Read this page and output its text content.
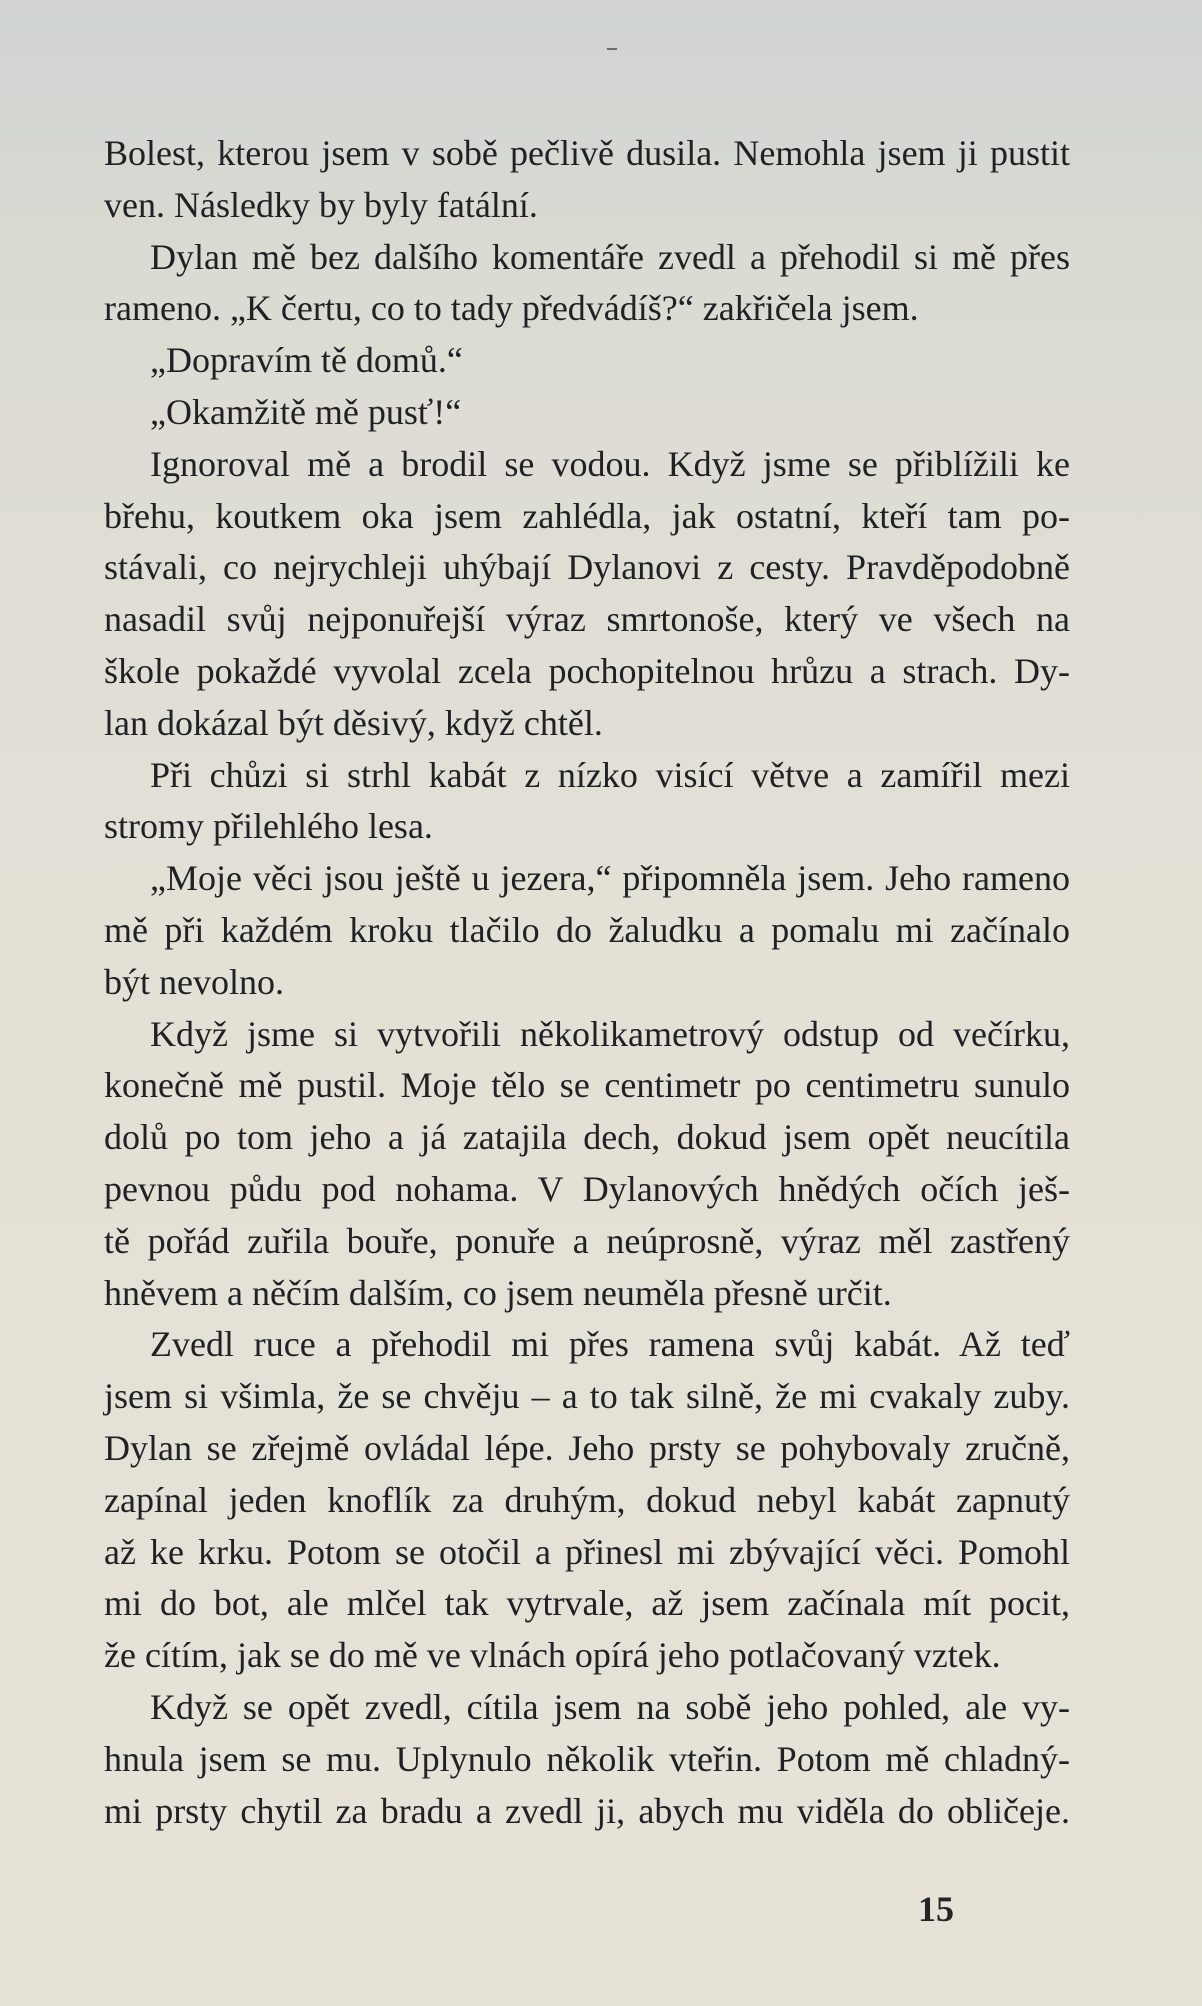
Bolest, kterou jsem v sobě pečlivě dusila. Nemohla jsem ji pustit
ven. Následky by byly fatální.
Dylan mě bez dalšího komentáře zvedl a přehodil si mě přes
rameno. „K čertu, co to tady předvádíš?“ zakřičela jsem.
„Dopravím tě domů.“
„Okamžitě mě pusť!“
Ignoroval mě a brodil se vodou. Když jsme se přiblížili ke
břehu, koutkem oka jsem zahlédla, jak ostatní, kteří tam po-
stávali, co nejrychleji uhýbají Dylanovi z cesty. Pravděpodobně
nasadil svůj nejponuřejší výraz smrtonoše, který ve všech na
škole pokaždé vyvolal zcela pochopitelnou hrůzu a strach. Dy-
lan dokázal být děsivý, když chtěl.
Při chůzi si strhl kabát z nízko visící větve a zamířil mezi
stromy přilehlého lesa.
„Moje věci jsou ještě u jezera,“ připomněla jsem. Jeho rameno
mě při každém kroku tlačilo do žaludku a pomalu mi začínalo
být nevolno.
Když jsme si vytvořili několikametrový odstup od večírku,
konečně mě pustil. Moje tělo se centimetr po centimetru sunulo
dolů po tom jeho a já zatajila dech, dokud jsem opět neucítila
pevnou půdu pod nohama. V Dylanových hnědých očích ješ-
tě pořád zuřila bouře, ponuře a neúprosně, výraz měl zastřený
hněvem a něčím dalším, co jsem neuměla přesně určit.
Zvedl ruce a přehodil mi přes ramena svůj kabát. Až teď
jsem si všimla, že se chvěju – a to tak silně, že mi cvakaly zuby.
Dylan se zřejmě ovládal lépe. Jeho prsty se pohybovaly zručně,
zapínal jeden knoflík za druhým, dokud nebyl kabát zapnutý
až ke krku. Potom se otočil a přinesl mi zbývající věci. Pomohl
mi do bot, ale mlčel tak vytrvale, až jsem začínala mít pocit,
že cítím, jak se do mě ve vlnách opírá jeho potlačovaný vztek.
Když se opět zvedl, cítila jsem na sobě jeho pohled, ale vy-
hnula jsem se mu. Uplynulo několik vteřin. Potom mě chladný-
mi prsty chytil za bradu a zvedl ji, abych mu viděla do obličeje.
15
